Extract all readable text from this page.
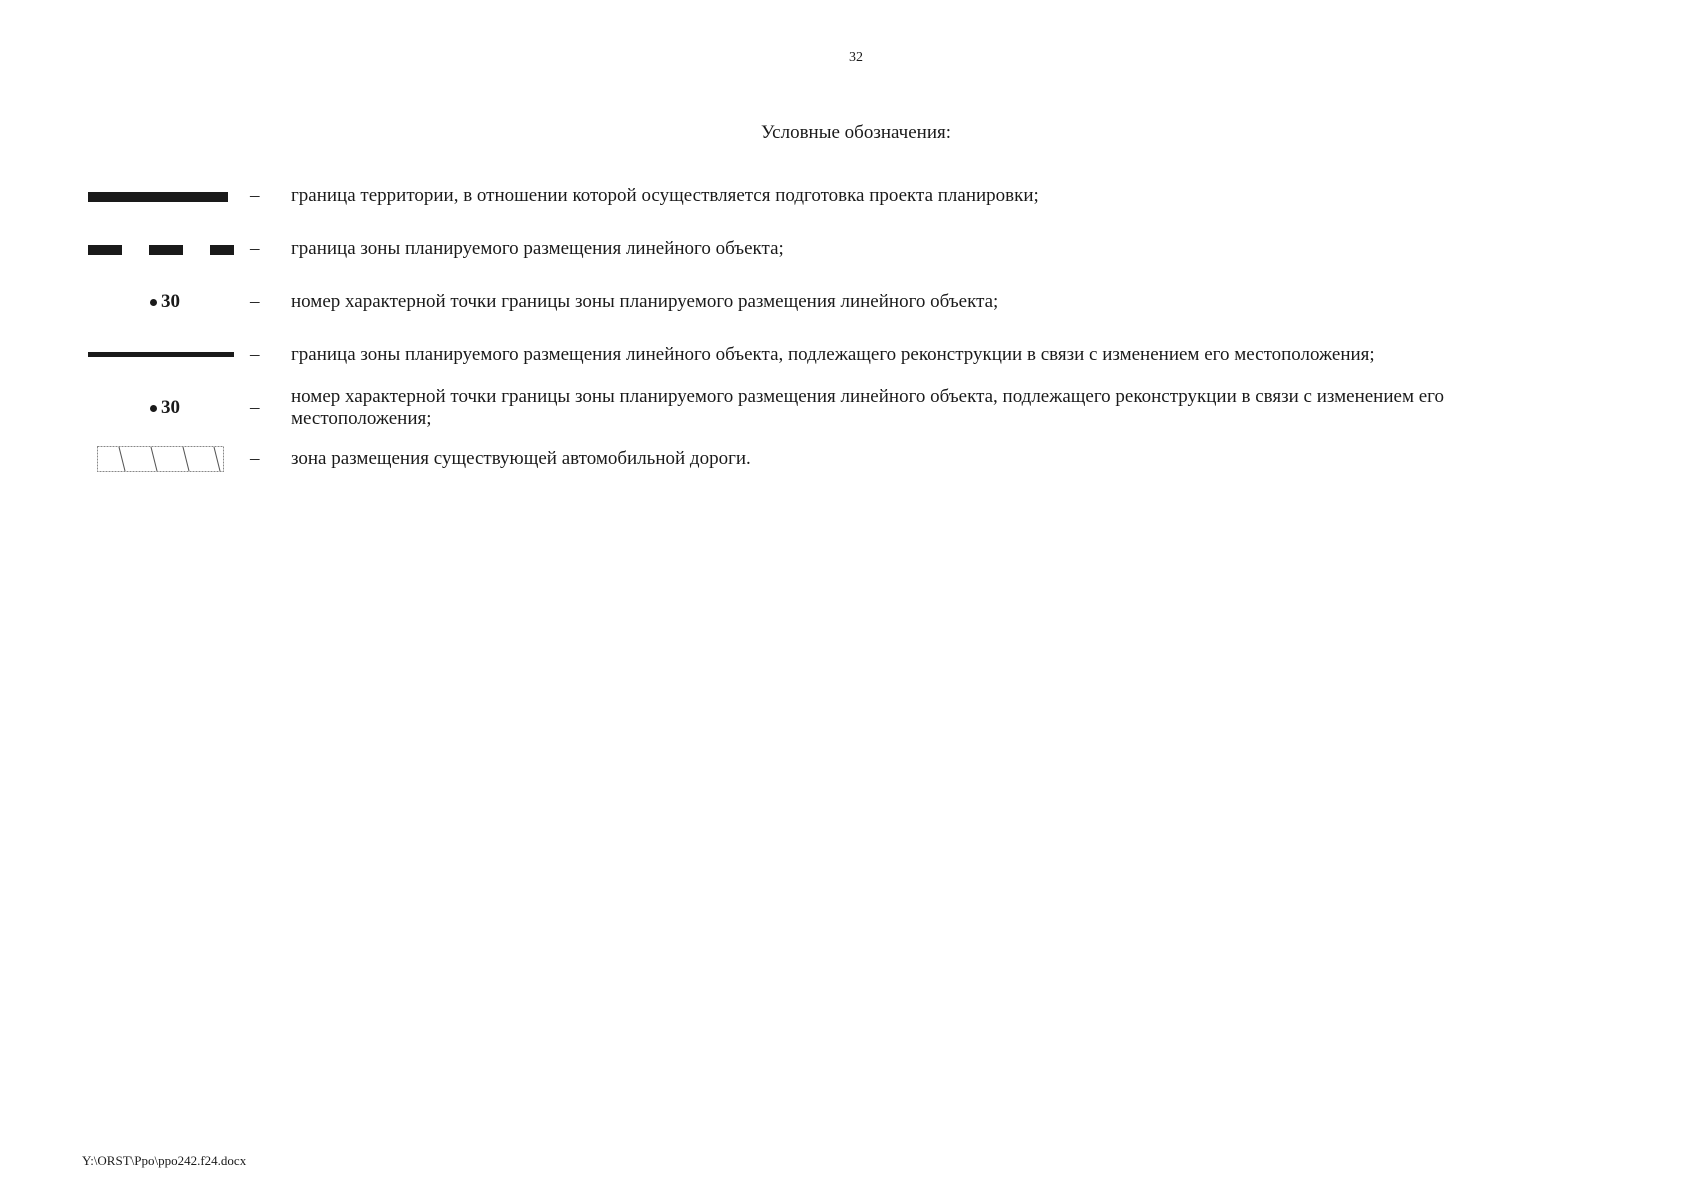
32
Условные обозначения:
– граница территории, в отношении которой осуществляется подготовка проекта планировки;
– граница зоны планируемого размещения линейного объекта;
30	– номер характерной точки границы зоны планируемого размещения линейного объекта;
– граница зоны планируемого размещения линейного объекта, подлежащего реконструкции в связи с изменением его местоположения;
30	–
номер характерной точки границы зоны планируемого размещения линейного объекта, подлежащего реконструкции в связи с изменением его местоположения;
– зона размещения существующей автомобильной дороги.
Y:\ORST\Ppo\ppo242.f24.docx
